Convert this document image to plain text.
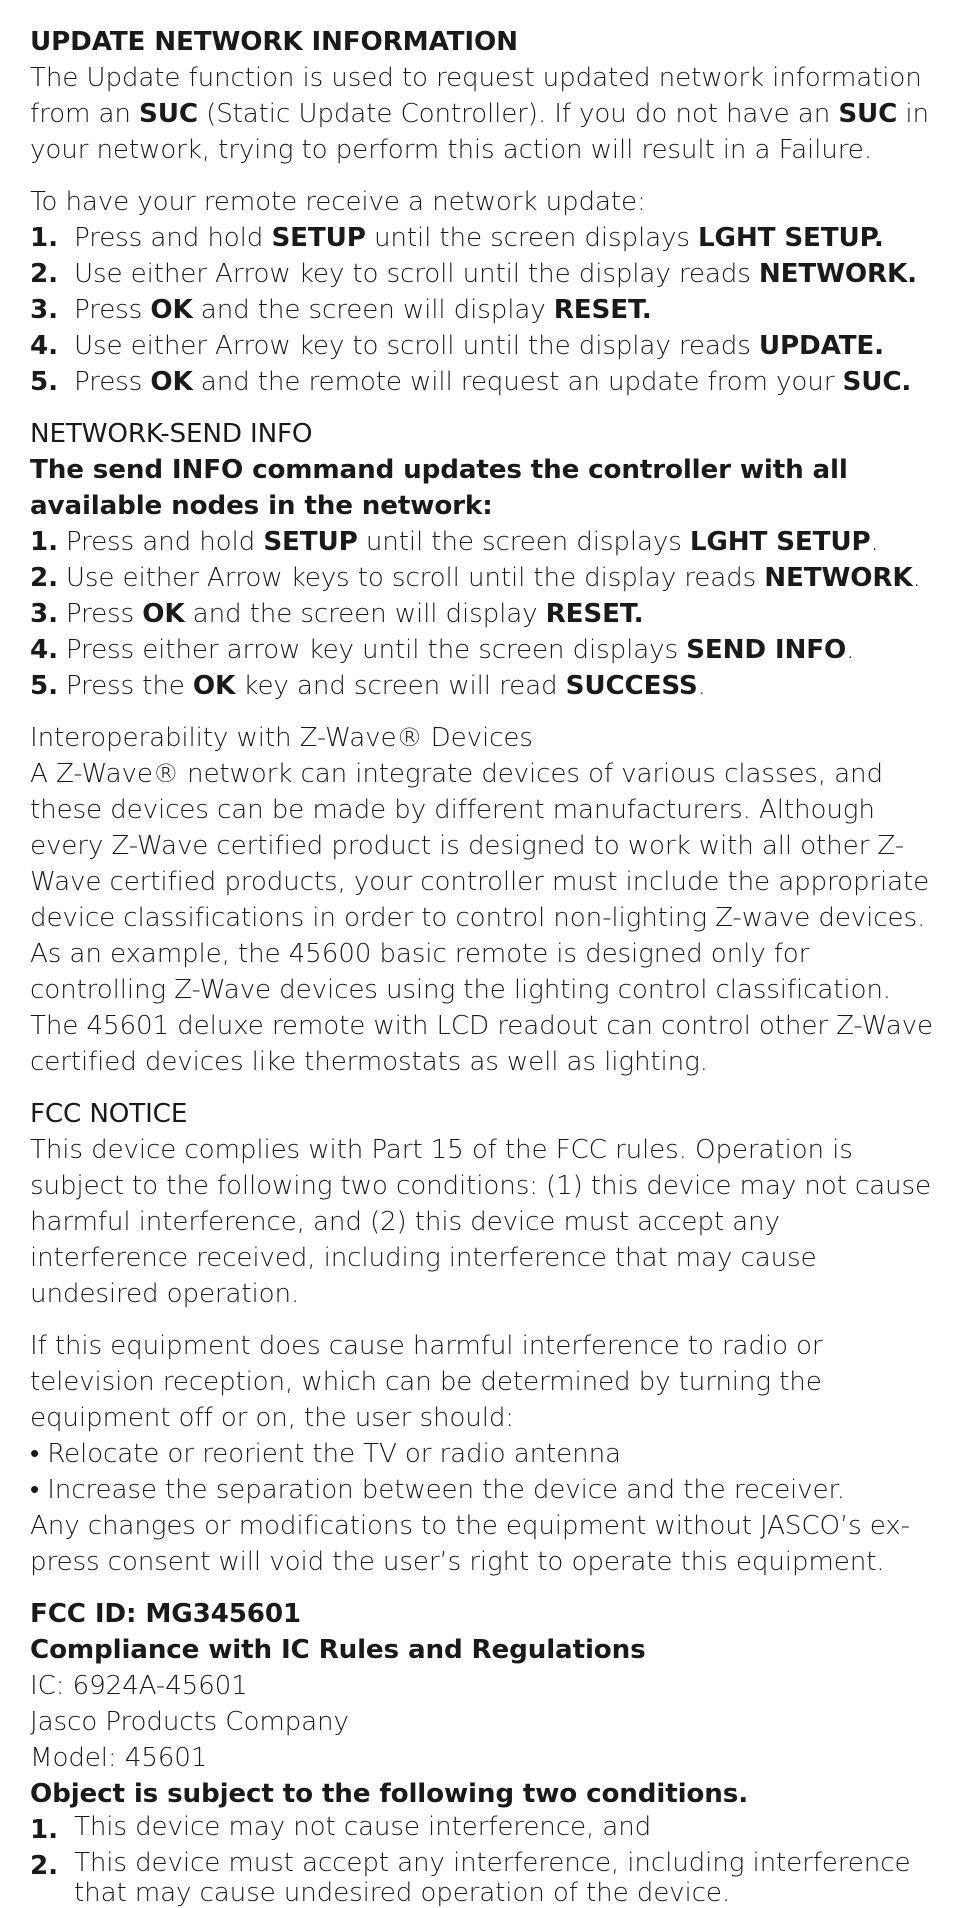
UPDATE NETWORK INFORMATION

The Update function is used to request updated network information from an SUC (Static Update Controller). If you do not have an SUC in your network, trying to perform this action will result in a Failure.

To have your remote receive a network update:

1. Press and hold SETUP until the screen displays LGHT SETUP.
2. Use either Arrow key to scroll until the display reads NETWORK.
3. Press OK and the screen will display RESET.
4. Use either Arrow key to scroll until the display reads UPDATE.
5. Press OK and the remote will request an update from your SUC.

NETWORK-SEND INFO

The send INFO command updates the controller with all available nodes in the network:

1. Press and hold SETUP until the screen displays LGHT SETUP.
2. Use either Arrow keys to scroll until the display reads NETWORK.
3. Press OK and the screen will display RESET.
4. Press either arrow key until the screen displays SEND INFO.
5. Press the OK key and screen will read SUCCESS.

Interoperability with Z-Wave® Devices

A Z-Wave® network can integrate devices of various classes, and these devices can be made by different manufacturers. Although every Z-Wave certified product is designed to work with all other Z-Wave certified products, your controller must include the appropriate device classifications in order to control non-lighting Z-wave devices. As an example, the 45600 basic remote is designed only for controlling Z-Wave devices using the lighting control classification. The 45601 deluxe remote with LCD readout can control other Z-Wave certified devices like thermostats as well as lighting.

FCC NOTICE

This device complies with Part 15 of the FCC rules. Operation is subject to the following two conditions: (1) this device may not cause harmful interference, and (2) this device must accept any interference received, including interference that may cause undesired operation.

If this equipment does cause harmful interference to radio or television reception, which can be determined by turning the equipment off or on, the user should:

• Relocate or reorient the TV or radio antenna

• Increase the separation between the device and the receiver.

Any changes or modifications to the equipment without JASCO’s ex-press consent will void the user’s right to operate this equipment.

FCC ID: MG345601

Compliance with IC Rules and Regulations

IC: 6924A-45601

Jasco Products Company

Model: 45601

Object is subject to the following two conditions.

1. This device may not cause interference, and
2. This device must accept any interference, including interference that may cause undesired operation of the device.
